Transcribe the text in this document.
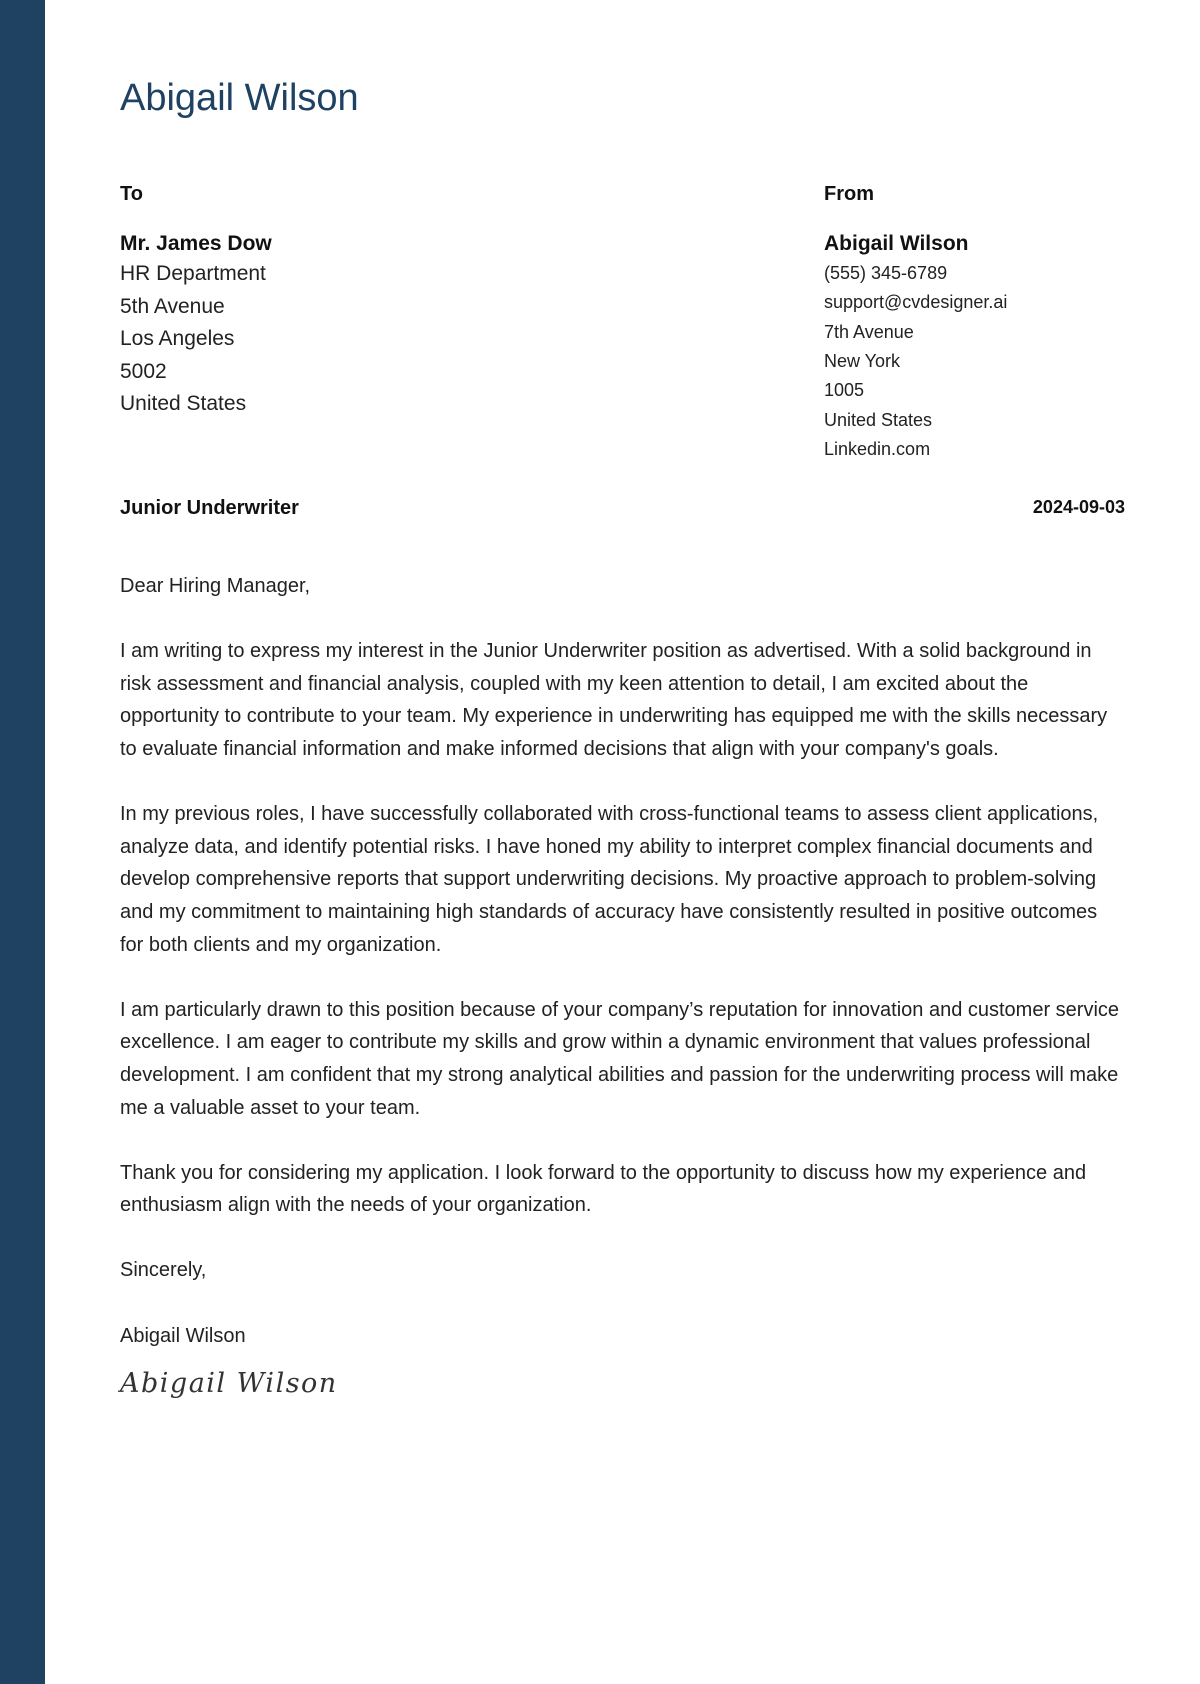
Abigail Wilson
To
Mr. James Dow
HR Department
5th Avenue
Los Angeles
5002
United States
From
Abigail Wilson
(555) 345-6789
support@cvdesigner.ai
7th Avenue
New York
1005
United States
Linkedin.com
Junior Underwriter	2024-09-03

Dear Hiring Manager,

I am writing to express my interest in the Junior Underwriter position as advertised. With a solid background in risk assessment and financial analysis, coupled with my keen attention to detail, I am excited about the opportunity to contribute to your team. My experience in underwriting has equipped me with the skills necessary to evaluate financial information and make informed decisions that align with your company's goals.

In my previous roles, I have successfully collaborated with cross-functional teams to assess client applications, analyze data, and identify potential risks. I have honed my ability to interpret complex financial documents and develop comprehensive reports that support underwriting decisions. My proactive approach to problem-solving and my commitment to maintaining high standards of accuracy have consistently resulted in positive outcomes for both clients and my organization.

I am particularly drawn to this position because of your company’s reputation for innovation and customer service excellence. I am eager to contribute my skills and grow within a dynamic environment that values professional development. I am confident that my strong analytical abilities and passion for the underwriting process will make me a valuable asset to your team.

Thank you for considering my application. I look forward to the opportunity to discuss how my experience and enthusiasm align with the needs of your organization.

Sincerely,

Abigail Wilson

Abigail Wilson
